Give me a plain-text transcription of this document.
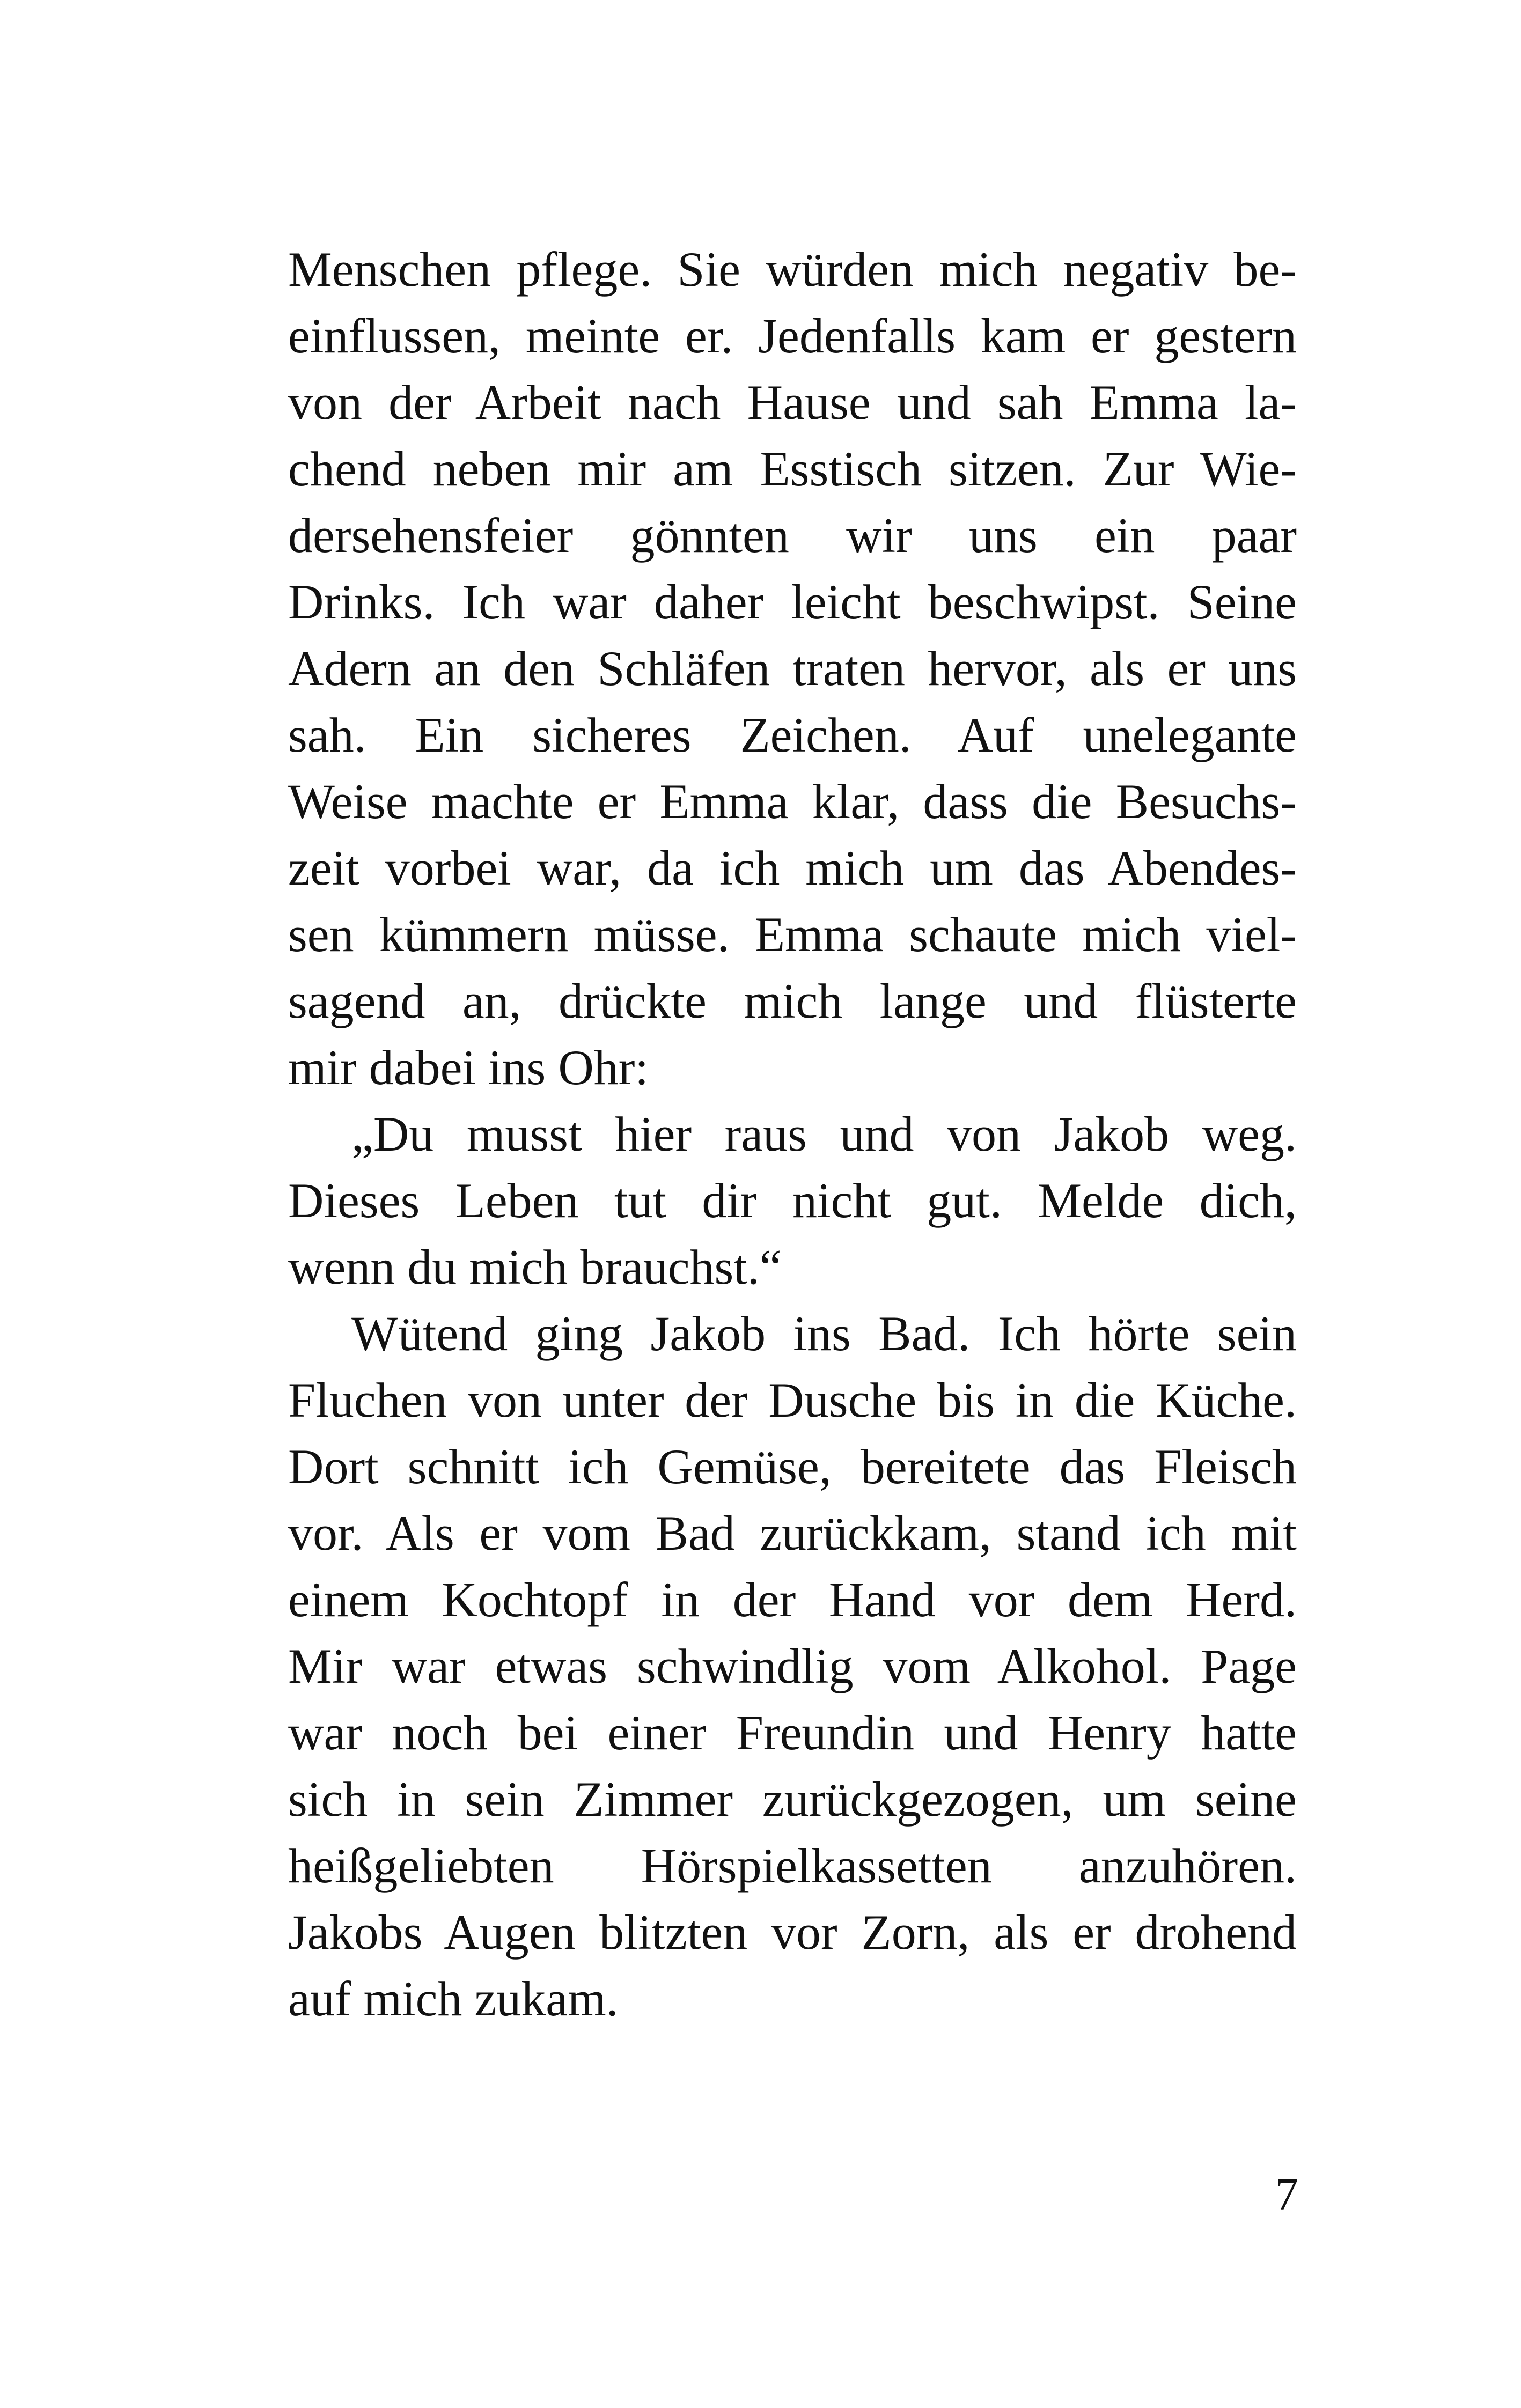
Menschen pflege. Sie würden mich negativ be-
einflussen, meinte er. Jedenfalls kam er gestern
von der Arbeit nach Hause und sah Emma la-
chend neben mir am Esstisch sitzen. Zur Wie-
dersehensfeier gönnten wir uns ein paar
Drinks. Ich war daher leicht beschwipst. Seine
Adern an den Schläfen traten hervor, als er uns
sah. Ein sicheres Zeichen. Auf unelegante
Weise machte er Emma klar, dass die Besuchs-
zeit vorbei war, da ich mich um das Abendes-
sen kümmern müsse. Emma schaute mich viel-
sagend an, drückte mich lange und flüsterte
mir dabei ins Ohr:
„Du musst hier raus und von Jakob weg.
Dieses Leben tut dir nicht gut. Melde dich,
wenn du mich brauchst.“
Wütend ging Jakob ins Bad. Ich hörte sein
Fluchen von unter der Dusche bis in die Küche.
Dort schnitt ich Gemüse, bereitete das Fleisch
vor. Als er vom Bad zurückkam, stand ich mit
einem Kochtopf in der Hand vor dem Herd.
Mir war etwas schwindlig vom Alkohol. Page
war noch bei einer Freundin und Henry hatte
sich in sein Zimmer zurückgezogen, um seine
heißgeliebten Hörspielkassetten anzuhören.
Jakobs Augen blitzten vor Zorn, als er drohend
auf mich zukam.
7
